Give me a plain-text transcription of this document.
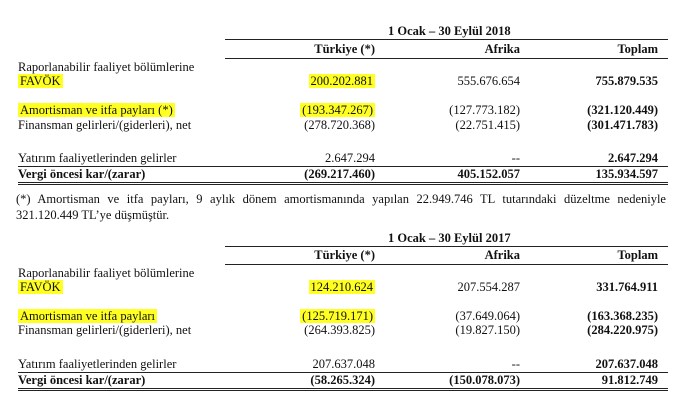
1 Ocak – 30 Eylül 2018
Türkiye (*)	Afrika	Toplam
Raporlanabilir faaliyet bölümlerine
FAVÖK	200.202.881	555.676.654	755.879.535
Amortisman ve itfa payları (*)	(193.347.267)	(127.773.182)	(321.120.449)
Finansman gelirleri/(giderleri), net	(278.720.368)	(22.751.415)	(301.471.783)
Yatırım faaliyetlerinden gelirler	2.647.294	--	2.647.294
Vergi öncesi kar/(zarar)	(269.217.460)	405.152.057	135.934.597
(*) Amortisman ve itfa payları, 9 aylık dönem amortismanında yapılan 22.949.746 TL tutarındaki düzeltme nedeniyle 321.120.449 TL’ye düşmüştür.
1 Ocak – 30 Eylül 2017
Türkiye (*)	Afrika	Toplam
Raporlanabilir faaliyet bölümlerine
FAVÖK	124.210.624	207.554.287	331.764.911
Amortisman ve itfa payları	(125.719.171)	(37.649.064)	(163.368.235)
Finansman gelirleri/(giderleri), net	(264.393.825)	(19.827.150)	(284.220.975)
Yatırım faaliyetlerinden gelirler	207.637.048	--	207.637.048
Vergi öncesi kar/(zarar)	(58.265.324)	(150.078.073)	91.812.749
